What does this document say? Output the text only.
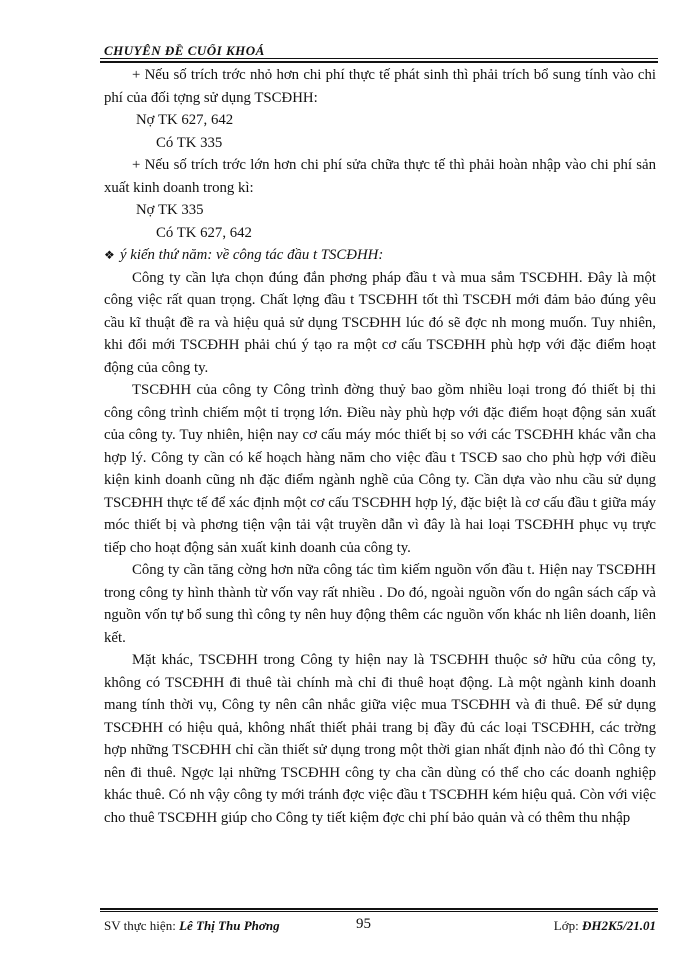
CHUYÊN ĐỀ CUỐI KHOÁ

+ Nếu số trích trớc nhỏ hơn chi phí thực tế phát sinh thì phải trích bổ sung tính vào chi phí của đối tợng sử dụng TSCĐHH:

Nợ TK 627, 642

Có TK 335

+ Nếu số trích trớc lớn hơn chi phí sửa chữa thực tế thì phải hoàn nhập vào chi phí sản xuất kinh doanh trong kì:

Nợ TK 335

Có TK 627, 642

❖ ý kiến thứ năm: về công tác đầu t TSCĐHH:

Công ty cần lựa chọn đúng đắn phơng pháp đầu t và mua sắm TSCĐHH. Đây là một công việc rất quan trọng. Chất lợng đầu t TSCĐHH tốt thì TSCĐH mới đảm bảo đúng yêu cầu kĩ thuật đề ra và hiệu quả sử dụng TSCĐHH lúc đó sẽ đợc nh mong muốn. Tuy nhiên, khi đổi mới TSCĐHH phải chú ý tạo ra một cơ cấu TSCĐHH phù hợp với đặc điểm hoạt động của công ty.

TSCĐHH của công ty Công trình đờng thuỷ bao gồm nhiều loại trong đó thiết bị thi công công trình chiếm một tỉ trọng lớn. Điều này phù hợp với đặc điểm hoạt động sản xuất của công ty. Tuy nhiên, hiện nay cơ cấu máy móc thiết bị so với các TSCĐHH khác vẫn cha hợp lý. Công ty cần có kế hoạch hàng năm cho việc đầu t TSCĐ sao cho phù hợp với điều kiện kinh doanh cũng nh đặc điểm ngành nghề của Công ty. Cần dựa vào nhu cầu sử dụng TSCĐHH thực tế để xác định một cơ cấu TSCĐHH hợp lý, đặc biệt là cơ cấu đầu t giữa máy móc thiết bị và phơng tiện vận tải vật truyền dẫn vì đây là hai loại TSCĐHH phục vụ trực tiếp cho hoạt động sản xuất kinh doanh của công ty.

Công ty cần tăng cờng hơn nữa công tác tìm kiếm nguồn vốn đầu t. Hiện nay TSCĐHH trong công ty hình thành từ vốn vay rất nhiều . Do đó, ngoài nguồn vốn do ngân sách cấp và nguồn vốn tự bổ sung thì công ty nên huy động thêm các nguồn vốn khác nh liên doanh, liên kết.

Mặt khác, TSCĐHH trong Công ty hiện nay là TSCĐHH thuộc sở hữu của công ty, không có TSCĐHH đi thuê tài chính mà chỉ đi thuê hoạt động. Là một ngành kinh doanh mang tính thời vụ, Công ty nên cân nhắc giữa việc mua TSCĐHH và đi thuê. Để sử dụng TSCĐHH có hiệu quả, không nhất thiết phải trang bị đầy đủ các loại TSCĐHH, các trờng hợp những TSCĐHH chỉ cần thiết sử dụng trong một thời gian nhất định nào đó thì Công ty nên đi thuê. Ngợc lại những TSCĐHH công ty cha cần dùng có thể cho các doanh nghiệp khác thuê. Có nh vậy công ty mới tránh đợc việc đầu t TSCĐHH kém hiệu quả. Còn với việc cho thuê TSCĐHH giúp cho Công ty tiết kiệm đợc chi phí bảo quản và có thêm thu nhập

SV thực hiện: Lê Thị Thu Phơng	95	Lớp: ĐH2K5/21.01
